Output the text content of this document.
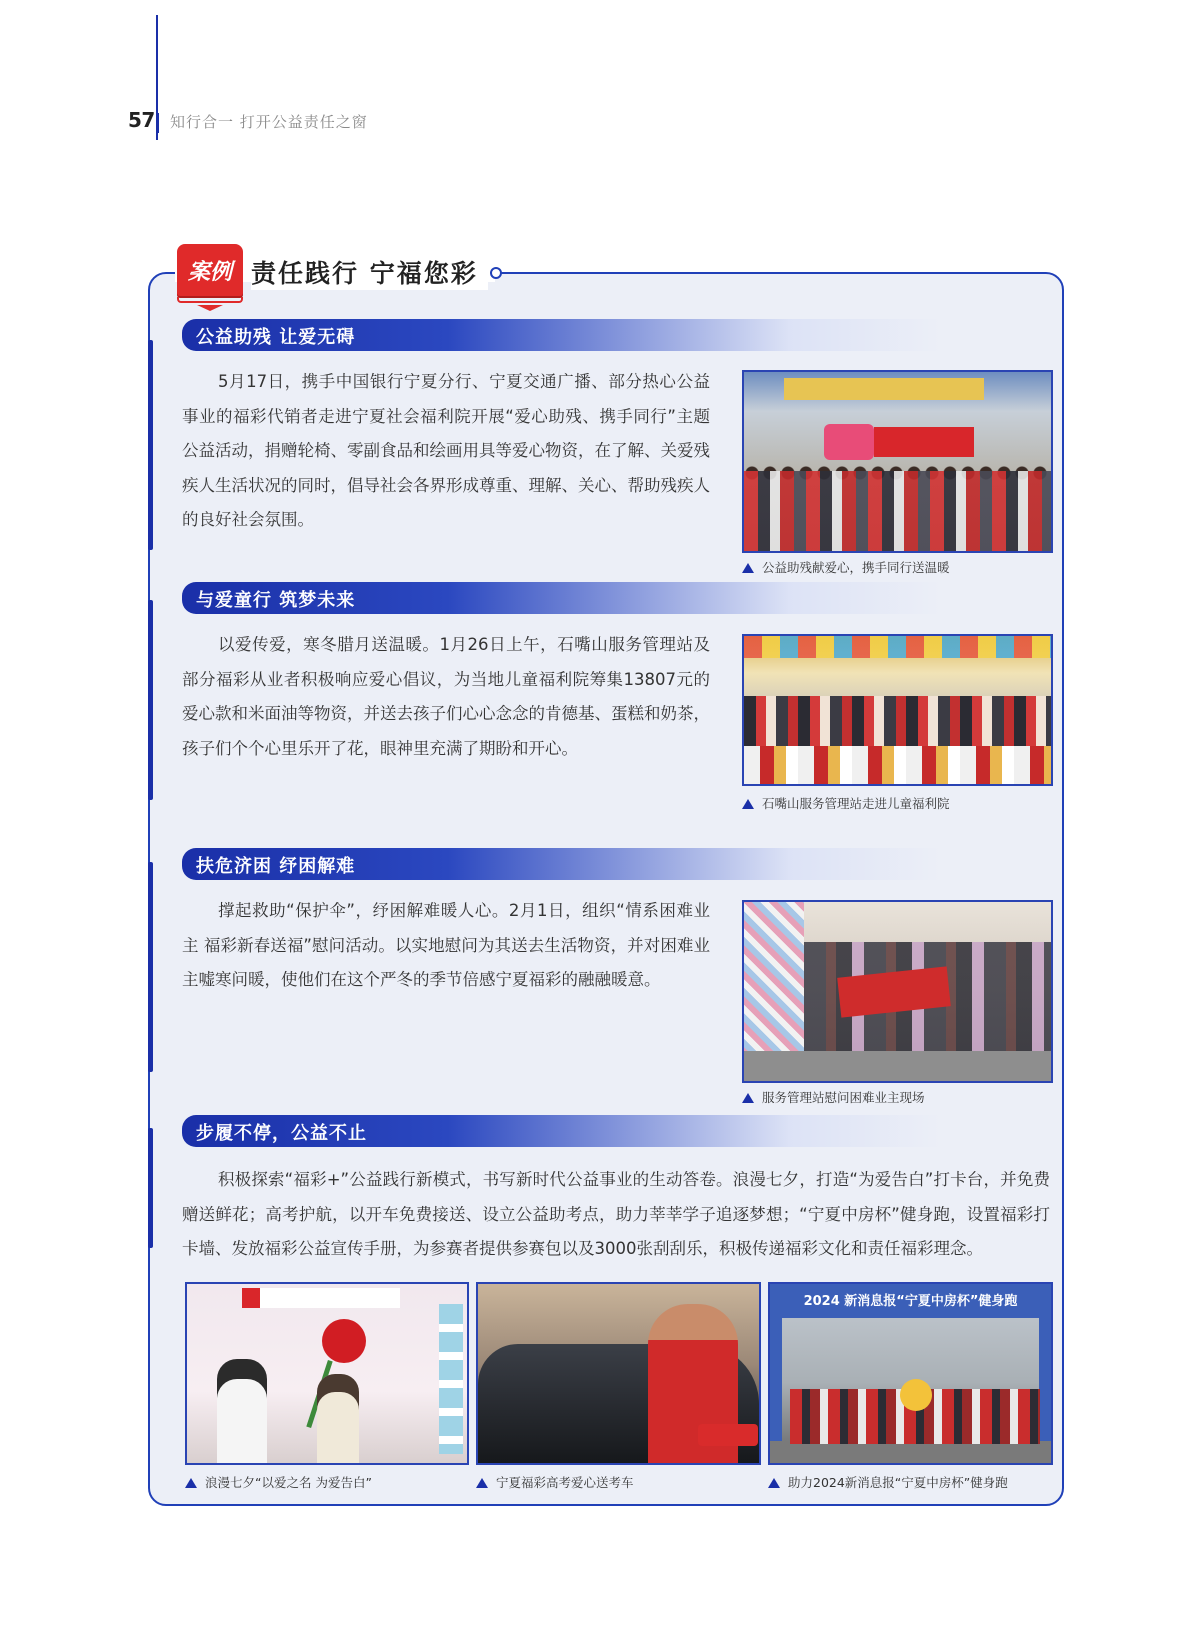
57 知行合一 打开公益责任之窗
案例 责任践行 宁福您彩
公益助残 让爱无碍

5月17日，携手中国银行宁夏分行、宁夏交通广播、部分热心公益事业的福彩代销者走进宁夏社会福利院开展“爱心助残、携手同行”主题公益活动，捐赠轮椅、零副食品和绘画用具等爱心物资，在了解、关爱残疾人生活状况的同时，倡导社会各界形成尊重、理解、关心、帮助残疾人的良好社会氛围。

公益助残献爱心，携手同行送温暖
与爱童行 筑梦未来

以爱传爱，寒冬腊月送温暖。1月26日上午，石嘴山服务管理站及部分福彩从业者积极响应爱心倡议，为当地儿童福利院筹集13807元的爱心款和米面油等物资，并送去孩子们心心念念的肯德基、蛋糕和奶茶，孩子们个个心里乐开了花，眼神里充满了期盼和开心。

石嘴山服务管理站走进儿童福利院
扶危济困 纾困解难

撑起救助“保护伞”，纾困解难暖人心。2月1日，组织“情系困难业主 福彩新春送福”慰问活动。以实地慰问为其送去生活物资，并对困难业主嘘寒问暖，使他们在这个严冬的季节倍感宁夏福彩的融融暖意。

服务管理站慰问困难业主现场
步履不停，公益不止

积极探索“福彩+”公益践行新模式，书写新时代公益事业的生动答卷。浪漫七夕，打造“为爱告白”打卡台，并免费赠送鲜花；高考护航，以开车免费接送、设立公益助考点，助力莘莘学子追逐梦想；“宁夏中房杯”健身跑，设置福彩打卡墙、发放福彩公益宣传手册，为参赛者提供参赛包以及3000张刮刮乐，积极传递福彩文化和责任福彩理念。

2024 新消息报“宁夏中房杯”健身跑
浪漫七夕“以爱之名 为爱告白”	宁夏福彩高考爱心送考车	助力2024新消息报“宁夏中房杯”健身跑
